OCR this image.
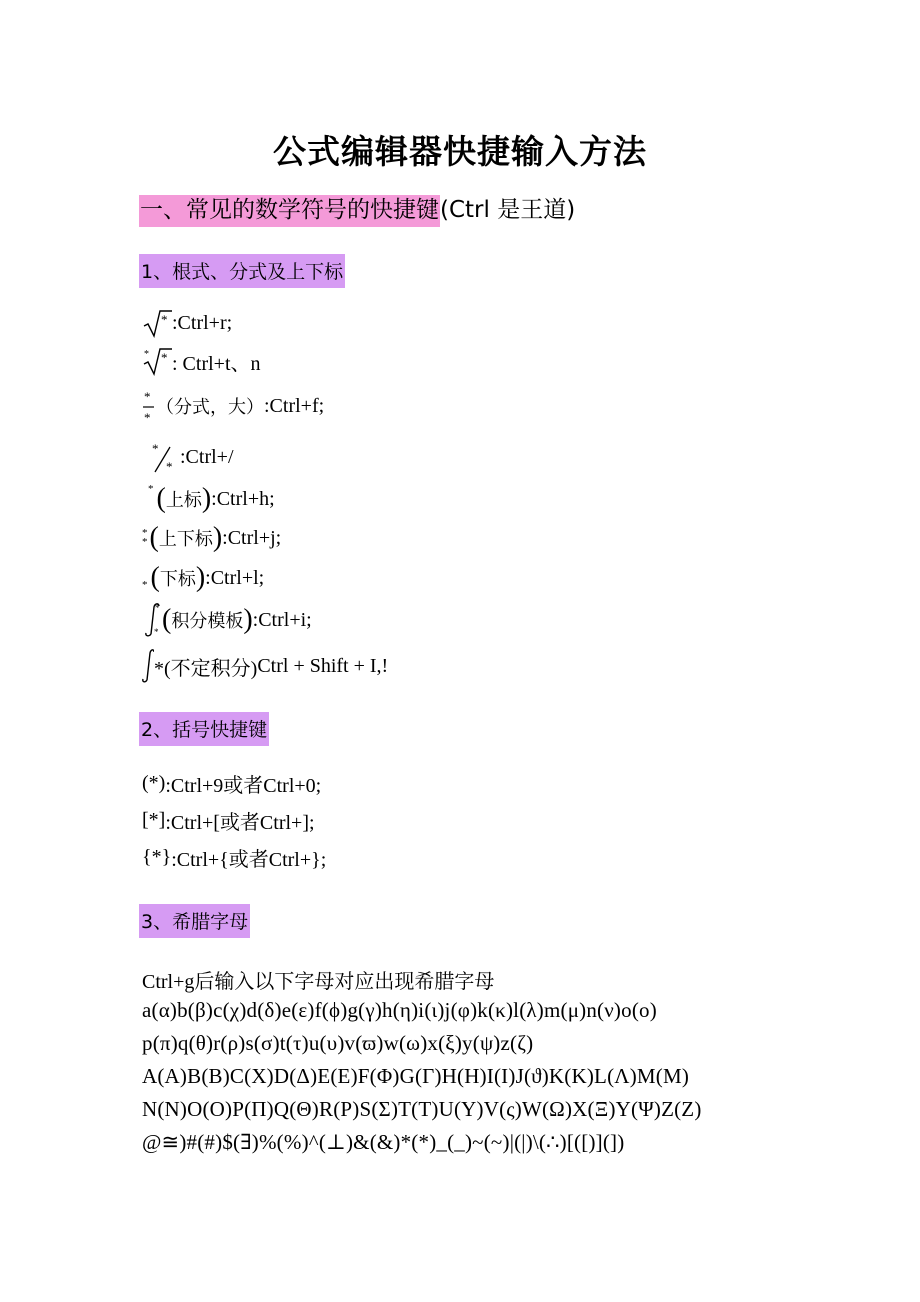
公式编辑器快捷输入方法
一、常见的数学符号的快捷键(Ctrl 是王道)
1、根式、分式及上下标
* :Ctrl+r;
* * : Ctrl+t、n
*
* （分式，大） :Ctrl+f;
*
* :Ctrl+/
* ( 上标 ) :Ctrl+h;
*
* ( 上下标 ) :Ctrl+j;
* ( 下标 ) :Ctrl+l;
*
* ( 积分模板 ) :Ctrl+i;
*(不定积分) Ctrl + Shift + I,!
2、括号快捷键
(*) :Ctrl+9或者Ctrl+0;
[*] :Ctrl+[或者Ctrl+];
{*} :Ctrl+{或者Ctrl+};
3、希腊字母
Ctrl+g后输入以下字母对应出现希腊字母
a(α)b(β)c(χ)d(δ)e(ε)f(ϕ)g(γ)h(η)i(ι)j(φ)k(κ)l(λ)m(μ)n(ν)o(ο)
p(π)q(θ)r(ρ)s(σ)t(τ)u(υ)v(ϖ)w(ω)x(ξ)y(ψ)z(ζ)
A(Α)B(Β)C(Χ)D(Δ)E(Ε)F(Φ)G(Γ)H(Η)I(Ι)J(ϑ)K(Κ)L(Λ)M(Μ)
N(Ν)O(Ο)P(Π)Q(Θ)R(Ρ)S(Σ)T(Τ)U(Υ)V(ς)W(Ω)X(Ξ)Y(Ψ)Z(Ζ)
@≅)#(#)$(∃)%(%)^(⊥)&(&)*(*)_(_)~(~)|(|)\(∴)[([)](])
